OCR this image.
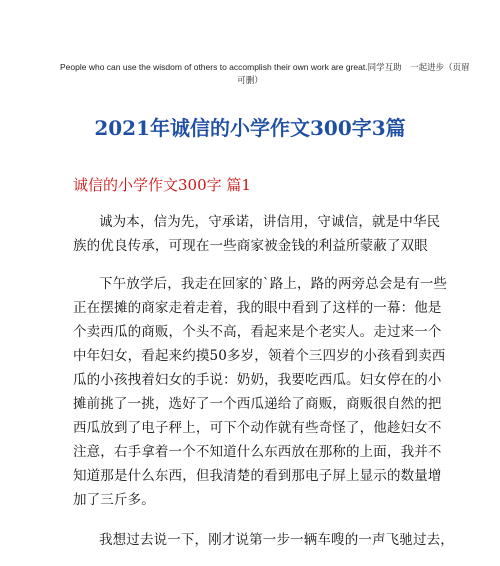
People who can use the wisdom of others to accomplish their own work are great.同学互助　一起进步（页眉
可删）
2021年诚信的小学作文300字3篇
诚信的小学作文300字 篇1
诚为本，信为先，守承诺，讲信用，守诚信，就是中华民
族的优良传承，可现在一些商家被金钱的利益所蒙蔽了双眼
下午放学后，我走在回家的`路上，路的两旁总会是有一些
正在摆摊的商家走着走着，我的眼中看到了这样的一幕：他是
个卖西瓜的商贩，个头不高，看起来是个老实人。走过来一个
中年妇女，看起来约摸50多岁，领着个三四岁的小孩看到卖西
瓜的小孩拽着妇女的手说：奶奶，我要吃西瓜。妇女停在的小
摊前挑了一挑，选好了一个西瓜递给了商贩，商贩很自然的把
西瓜放到了电子秤上，可下个动作就有些奇怪了，他趁妇女不
注意，右手拿着一个不知道什么东西放在那称的上面，我并不
知道那是什么东西，但我清楚的看到那电子屏上显示的数量增
加了三斤多。
我想过去说一下，刚才说第一步一辆车嗖的一声飞驰过去，
